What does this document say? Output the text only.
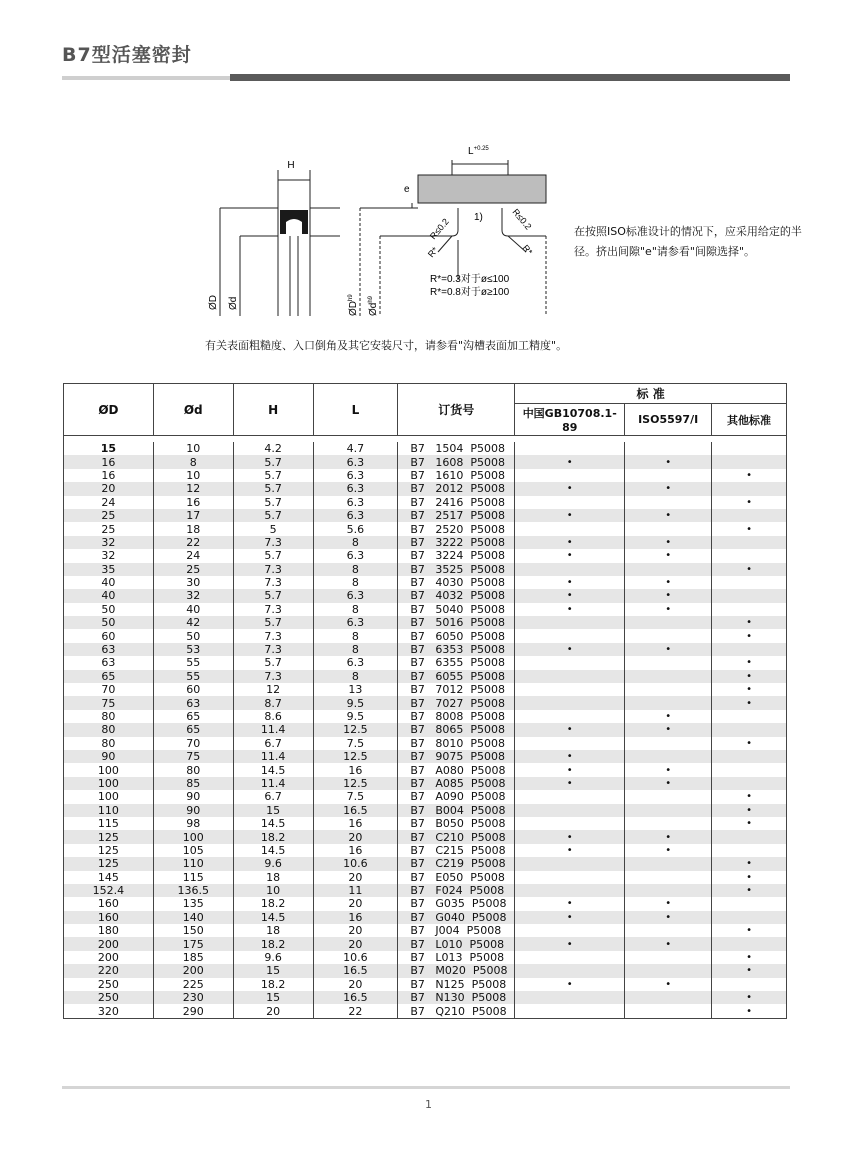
B7型活塞密封
H
ØD Ød
$L^{+0.25}$
e
1)
R≤0.2	R≤0.2
R*	R*
R*=0.3对于ø≤100
R*=0.8对于ø≥100
$ØD^{h9}$
$Ød^{h9}$
在按照ISO标准设计的情况下，应采用给定的半径。挤出间隙"e"请参看"间隙选择"。
有关表面粗糙度、入口倒角及其它安装尺寸，请参看"沟槽表面加工精度"。
ØD	Ød	H	L	订货号	标 准		
					中国GB10708.1-89	ISO5597/I	其他标准

15	10	4.2	4.7	B7   1504  P5008			
16	8	5.7	6.3	B7   1608  P5008	•	•	
16	10	5.7	6.3	B7   1610  P5008			•
20	12	5.7	6.3	B7   2012  P5008	•	•	
24	16	5.7	6.3	B7   2416  P5008			•
25	17	5.7	6.3	B7   2517  P5008	•	•	
25	18	5	5.6	B7   2520  P5008			•
32	22	7.3	8	B7   3222  P5008	•	•	
32	24	5.7	6.3	B7   3224  P5008	•	•	
35	25	7.3	8	B7   3525  P5008			•
40	30	7.3	8	B7   4030  P5008	•	•	
40	32	5.7	6.3	B7   4032  P5008	•	•	
50	40	7.3	8	B7   5040  P5008	•	•	
50	42	5.7	6.3	B7   5016  P5008			•
60	50	7.3	8	B7   6050  P5008			•
63	53	7.3	8	B7   6353  P5008	•	•	
63	55	5.7	6.3	B7   6355  P5008			•
65	55	7.3	8	B7   6055  P5008			•
70	60	12	13	B7   7012  P5008			•
75	63	8.7	9.5	B7   7027  P5008			•
80	65	8.6	9.5	B7   8008  P5008		•	
80	65	11.4	12.5	B7   8065  P5008	•	•	
80	70	6.7	7.5	B7   8010  P5008			•
90	75	11.4	12.5	B7   9075  P5008	•		
100	80	14.5	16	B7   A080  P5008	•	•	
100	85	11.4	12.5	B7   A085  P5008	•	•	
100	90	6.7	7.5	B7   A090  P5008			•
110	90	15	16.5	B7   B004  P5008			•
115	98	14.5	16	B7   B050  P5008			•
125	100	18.2	20	B7   C210  P5008	•	•	
125	105	14.5	16	B7   C215  P5008	•	•	
125	110	9.6	10.6	B7   C219  P5008			•
145	115	18	20	B7   E050  P5008			•
152.4	136.5	10	11	B7   F024  P5008			•
160	135	18.2	20	B7   G035  P5008	•	•	
160	140	14.5	16	B7   G040  P5008	•	•	
180	150	18	20	B7   J004  P5008			•
200	175	18.2	20	B7   L010  P5008	•	•	
200	185	9.6	10.6	B7   L013  P5008			•
220	200	15	16.5	B7   M020  P5008			•
250	225	18.2	20	B7   N125  P5008	•	•	
250	230	15	16.5	B7   N130  P5008			•
320	290	20	22	B7   Q210  P5008			•
1
